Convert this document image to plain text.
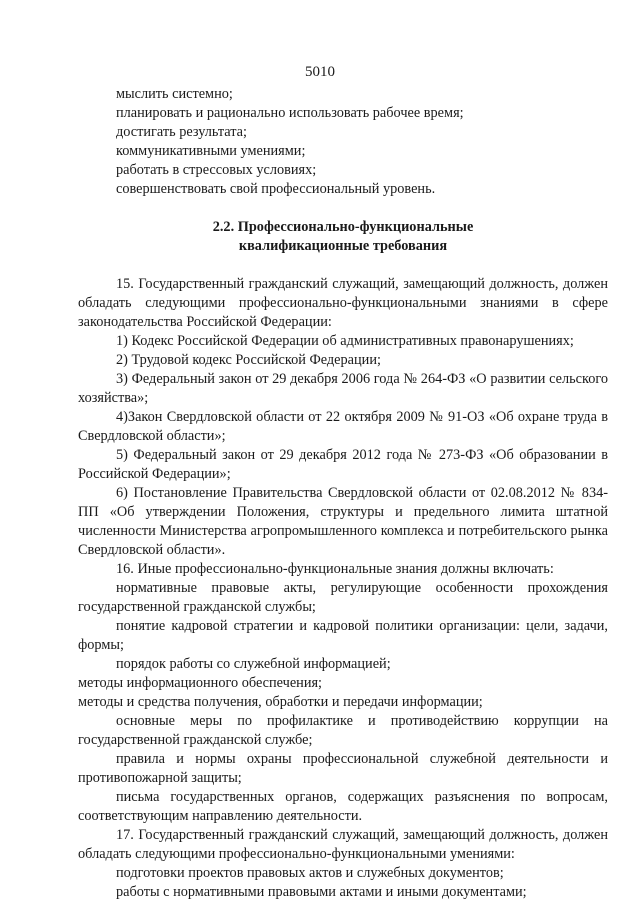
5010

мыслить системно;

планировать и рационально использовать рабочее время;

достигать результата;

коммуникативными умениями;

работать в стрессовых условиях;

совершенствовать свой профессиональный уровень.

2.2. Профессионально-функциональные
квалификационные требования

15. Государственный гражданский служащий, замещающий должность, должен обладать следующими профессионально-функциональными знаниями в сфере законодательства Российской Федерации:

1) Кодекс Российской Федерации об административных правонарушениях;

2) Трудовой кодекс Российской Федерации;

3) Федеральный закон от 29 декабря 2006 года № 264-ФЗ «О развитии сельского хозяйства»;

4)Закон Свердловской области от 22 октября 2009 № 91-ОЗ «Об охране труда в Свердловской области»;

5) Федеральный закон от 29 декабря 2012 года № 273-ФЗ «Об образовании в Российской Федерации»;

6) Постановление Правительства Свердловской области от 02.08.2012 № 834-ПП «Об утверждении Положения, структуры и предельного лимита штатной численности Министерства агропромышленного комплекса и потребительского рынка Свердловской области».

16. Иные профессионально-функциональные знания должны включать:

нормативные правовые акты, регулирующие особенности прохождения государственной гражданской службы;

понятие кадровой стратегии и кадровой политики организации: цели, задачи, формы;

порядок работы со служебной информацией;

методы информационного обеспечения;

методы и средства получения, обработки и передачи информации;

основные меры по профилактике и противодействию коррупции на государственной гражданской службе;

правила и нормы охраны профессиональной служебной деятельности и противопожарной защиты;

письма государственных органов, содержащих разъяснения по вопросам, соответствующим направлению деятельности.

17. Государственный гражданский служащий, замещающий должность, должен обладать следующими профессионально-функциональными умениями:

подготовки проектов правовых актов и служебных документов;

работы с нормативными правовыми актами и иными документами;
